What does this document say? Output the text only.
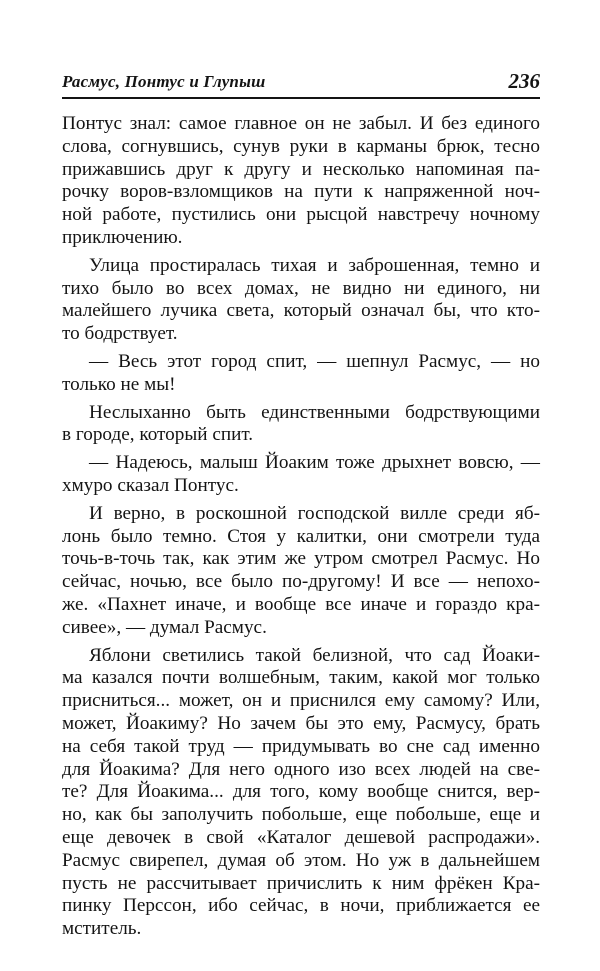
Расмус, Понтус и Глупыш	236
Понтус знал: самое главное он не забыл. И без единого
слова, согнувшись, сунув руки в карманы брюк, тесно
прижавшись друг к другу и несколько напоминая па-
рочку воров-взломщиков на пути к напряженной ноч-
ной работе, пустились они рысцой навстречу ночному
приключению.
Улица простиралась тихая и заброшенная, темно и
тихо было во всех домах, не видно ни единого, ни
малейшего лучика света, который означал бы, что кто-
то бодрствует.
— Весь этот город спит, — шепнул Расмус, — но
только не мы!
Неслыханно быть единственными бодрствующими
в городе, который спит.
— Надеюсь, малыш Йоаким тоже дрыхнет вовсю, —
хмуро сказал Понтус.
И верно, в роскошной господской вилле среди яб-
лонь было темно. Стоя у калитки, они смотрели туда
точь-в-точь так, как этим же утром смотрел Расмус. Но
сейчас, ночью, все было по-другому! И все — непохо-
же. «Пахнет иначе, и вообще все иначе и гораздо кра-
сивее», — думал Расмус.
Яблони светились такой белизной, что сад Йоаки-
ма казался почти волшебным, таким, какой мог только
присниться... может, он и приснился ему самому? Или,
может, Йоакиму? Но зачем бы это ему, Расмусу, брать
на себя такой труд — придумывать во сне сад именно
для Йоакима? Для него одного изо всех людей на све-
те? Для Йоакима... для того, кому вообще снится, вер-
но, как бы заполучить побольше, еще побольше, еще и
еще девочек в свой «Каталог дешевой распродажи».
Расмус свирепел, думая об этом. Но уж в дальнейшем
пусть не рассчитывает причислить к ним фрёкен Кра-
пинку Перссон, ибо сейчас, в ночи, приближается ее
мститель.
